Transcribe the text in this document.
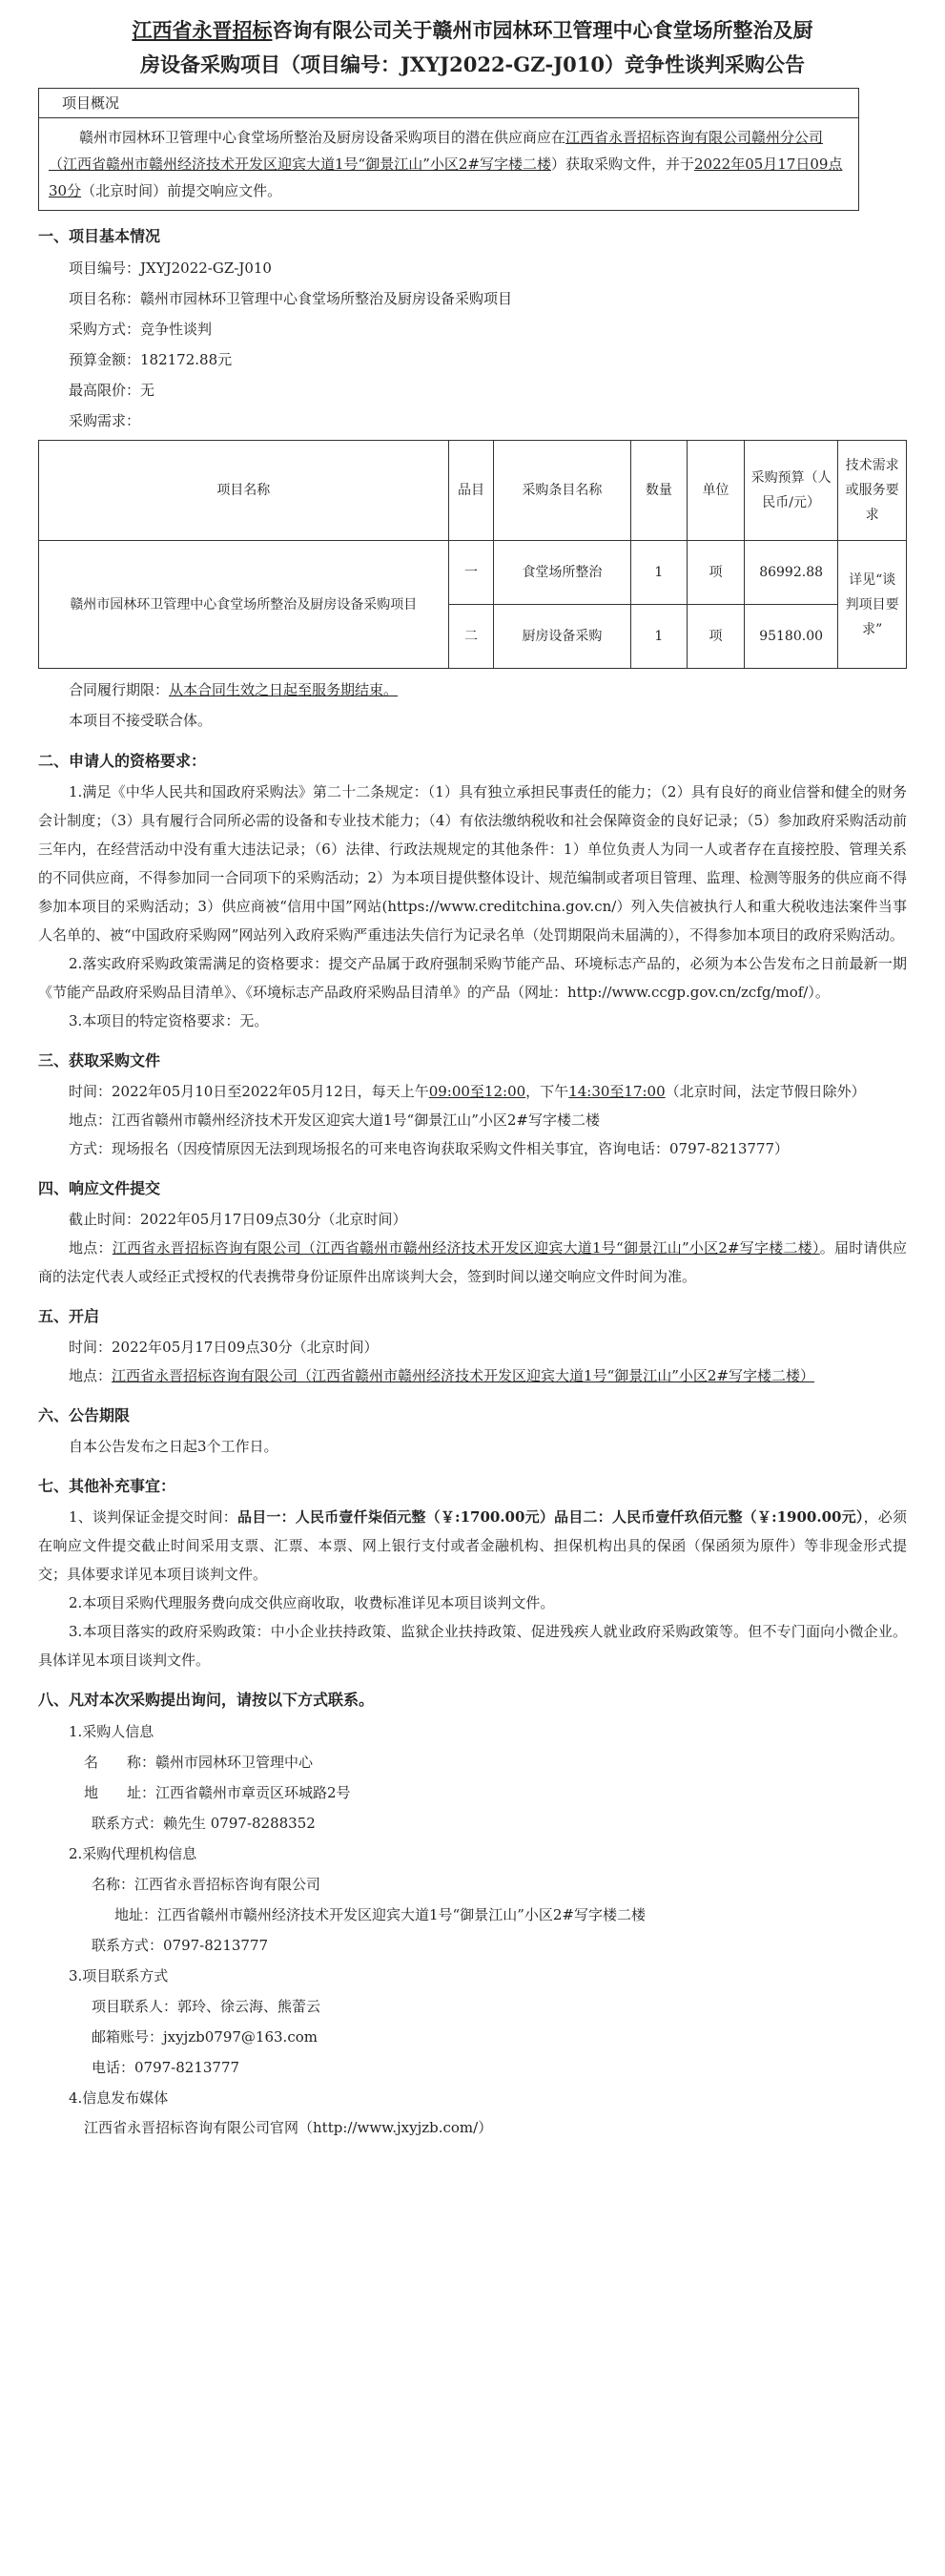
江西省永晋招标咨询有限公司关于赣州市园林环卫管理中心食堂场所整治及厨
房设备采购项目（项目编号：JXYJ2022-GZ-J010）竞争性谈判采购公告
项目概况
赣州市园林环卫管理中心食堂场所整治及厨房设备采购项目的潜在供应商应在江西省永晋招标咨询有限公司赣州分公司（江西省赣州市赣州经济技术开发区迎宾大道1号“御景江山”小区2#写字楼二楼）获取采购文件，并于2022年05月17日09点30分（北京时间）前提交响应文件。
一、项目基本情况
项目编号：JXYJ2022-GZ-J010
项目名称：赣州市园林环卫管理中心食堂场所整治及厨房设备采购项目
采购方式：竞争性谈判
预算金额：182172.88元
最高限价：无
采购需求：
项目名称	品目	采购条目名称	数量	单位	采购预算（人民币/元）	技术需求或服务要求
赣州市园林环卫管理中心食堂场所整治及厨房设备采购项目	一	食堂场所整治	1	项	86992.88	详见“谈判项目要求”
	二	厨房设备采购	1	项	95180.00	
合同履行期限：从本合同生效之日起至服务期结束。
本项目不接受联合体。
二、申请人的资格要求：
1.满足《中华人民共和国政府采购法》第二十二条规定：（1）具有独立承担民事责任的能力；（2）具有良好的商业信誉和健全的财务会计制度；（3）具有履行合同所必需的设备和专业技术能力；（4）有依法缴纳税收和社会保障资金的良好记录；（5）参加政府采购活动前三年内，在经营活动中没有重大违法记录；（6）法律、行政法规规定的其他条件：1）单位负责人为同一人或者存在直接控股、管理关系的不同供应商，不得参加同一合同项下的采购活动；2）为本项目提供整体设计、规范编制或者项目管理、监理、检测等服务的供应商不得参加本项目的采购活动；3）供应商被“信用中国”网站(https://www.creditchina.gov.cn/）列入失信被执行人和重大税收违法案件当事人名单的、被“中国政府采购网”网站列入政府采购严重违法失信行为记录名单（处罚期限尚未届满的），不得参加本项目的政府采购活动。
2.落实政府采购政策需满足的资格要求：提交产品属于政府强制采购节能产品、环境标志产品的，必须为本公告发布之日前最新一期《节能产品政府采购品目清单》、《环境标志产品政府采购品目清单》的产品（网址：http://www.ccgp.gov.cn/zcfg/mof/）。
3.本项目的特定资格要求：无。
三、获取采购文件
时间：2022年05月10日至2022年05月12日，每天上午09:00至12:00，下午14:30至17:00（北京时间，法定节假日除外）
地点：江西省赣州市赣州经济技术开发区迎宾大道1号“御景江山”小区2#写字楼二楼
方式：现场报名（因疫情原因无法到现场报名的可来电咨询获取采购文件相关事宜，咨询电话：0797-8213777）
四、响应文件提交
截止时间：2022年05月17日09点30分（北京时间）
地点：江西省永晋招标咨询有限公司（江西省赣州市赣州经济技术开发区迎宾大道1号“御景江山”小区2#写字楼二楼）。届时请供应商的法定代表人或经正式授权的代表携带身份证原件出席谈判大会，签到时间以递交响应文件时间为准。
五、开启
时间：2022年05月17日09点30分（北京时间）
地点：江西省永晋招标咨询有限公司（江西省赣州市赣州经济技术开发区迎宾大道1号“御景江山”小区2#写字楼二楼）
六、公告期限
自本公告发布之日起3个工作日。
七、其他补充事宜：
1、谈判保证金提交时间：品目一：人民币壹仟柒佰元整（￥:1700.00元）品目二：人民币壹仟玖佰元整（￥:1900.00元），必须在响应文件提交截止时间采用支票、汇票、本票、网上银行支付或者金融机构、担保机构出具的保函（保函须为原件）等非现金形式提交；具体要求详见本项目谈判文件。
2.本项目采购代理服务费向成交供应商收取，收费标准详见本项目谈判文件。
3.本项目落实的政府采购政策：中小企业扶持政策、监狱企业扶持政策、促进残疾人就业政府采购政策等。但不专门面向小微企业。具体详见本项目谈判文件。
八、凡对本次采购提出询问，请按以下方式联系。
1.采购人信息
名　　称：赣州市园林环卫管理中心
地　　址：江西省赣州市章贡区环城路2号
联系方式：赖先生 0797-8288352
2.采购代理机构信息
名称：江西省永晋招标咨询有限公司
地址：江西省赣州市赣州经济技术开发区迎宾大道1号“御景江山”小区2#写字楼二楼
联系方式：0797-8213777
3.项目联系方式
项目联系人：郭玲、徐云海、熊蕾云
邮箱账号：jxyjzb0797@163.com
电话：0797-8213777
4.信息发布媒体
江西省永晋招标咨询有限公司官网（http://www.jxyjzb.com/）
